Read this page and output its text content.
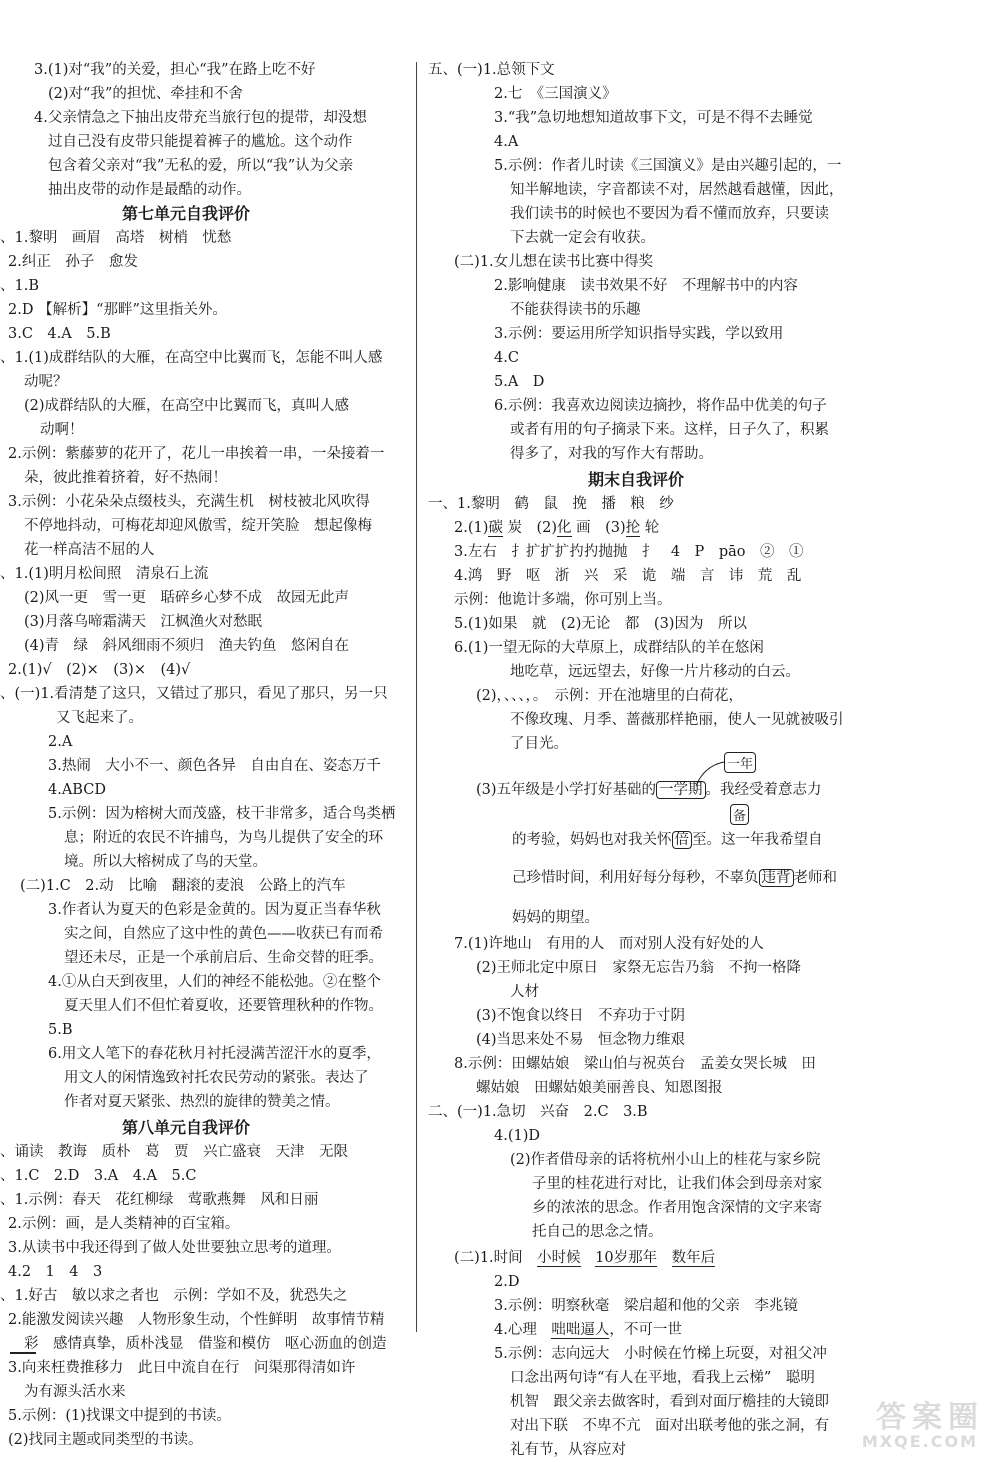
3.(1)对“我”的关爱，担心“我”在路上吃不好
(2)对“我”的担忧、牵挂和不舍
4.父亲情急之下抽出皮带充当旅行包的提带，却没想
过自己没有皮带只能提着裤子的尴尬。这个动作
包含着父亲对“我”无私的爱，所以“我”认为父亲
抽出皮带的动作是最酷的动作。
第七单元自我评价
、1.黎明　画眉　高塔　树梢　忧愁
2.纠正　孙子　愈发
、1.B
2.D 【解析】“那畔”这里指关外。
3.C　4.A　5.B
、1.(1)成群结队的大雁，在高空中比翼而飞，怎能不叫人感
动呢？
(2)成群结队的大雁，在高空中比翼而飞，真叫人感
动啊！
2.示例：紫藤萝的花开了，花儿一串挨着一串，一朵接着一
朵，彼此推着挤着，好不热闹！
3.示例：小花朵朵点缀枝头，充满生机　树枝被北风吹得
不停地抖动，可梅花却迎风傲雪，绽开笑脸　想起像梅
花一样高洁不屈的人
、1.(1)明月松间照　清泉石上流
(2)风一更　雪一更　聒碎乡心梦不成　故园无此声
(3)月落乌啼霜满天　江枫渔火对愁眠
(4)青　绿　斜风细雨不须归　渔夫钓鱼　悠闲自在
2.(1)√　(2)×　(3)×　(4)√
、(一)1.看清楚了这只，又错过了那只，看见了那只，另一只
又飞起来了。
2.A
3.热闹　大小不一、颜色各异　自由自在、姿态万千
4.ABCD
5.示例：因为榕树大而茂盛，枝干非常多，适合鸟类栖
息；附近的农民不许捕鸟，为鸟儿提供了安全的环
境。所以大榕树成了鸟的天堂。
(二)1.C　2.动　比喻　翻滚的麦浪　公路上的汽车
3.作者认为夏天的色彩是金黄的。因为夏正当春华秋
实之间，自然应了这中性的黄色——收获已有而希
望还未尽，正是一个承前启后、生命交替的旺季。
4.①从白天到夜里，人们的神经不能松弛。②在整个
夏天里人们不但忙着夏收，还要管理秋种的作物。
5.B
6.用文人笔下的春花秋月衬托浸满苦涩汗水的夏季，
用文人的闲情逸致衬托农民劳动的紧张。表达了
作者对夏天紧张、热烈的旋律的赞美之情。
第八单元自我评价
、诵读　教诲　质朴　葛　贾　兴亡盛衰　天津　无限
、1.C　2.D　3.A　4.A　5.C
、1.示例：春天　花红柳绿　莺歌燕舞　风和日丽
2.示例：画，是人类精神的百宝箱。
3.从读书中我还得到了做人处世要独立思考的道理。
4.2　1　4　3
、1.好古　敏以求之者也　示例：学如不及，犹恐失之
2.能激发阅读兴趣　人物形象生动，个性鲜明　故事情节精
彩　感情真挚，质朴浅显　借鉴和模仿　呕心沥血的创造
3.向来枉费推移力　此日中流自在行　问渠那得清如许
为有源头活水来
5.示例：(1)找课文中提到的书读。
(2)找同主题或同类型的书读。
五、(一)1.总领下文
2.七　《三国演义》
3.“我”急切地想知道故事下文，可是不得不去睡觉
4.A
5.示例：作者儿时读《三国演义》是由兴趣引起的，一
知半解地读，字音都读不对，居然越看越懂，因此，
我们读书的时候也不要因为看不懂而放弃，只要读
下去就一定会有收获。
(二)1.女儿想在读书比赛中得奖
2.影响健康　读书效果不好　不理解书中的内容
不能获得读书的乐趣
3.示例：要运用所学知识指导实践，学以致用
4.C
5.A　D
6.示例：我喜欢边阅读边摘抄，将作品中优美的句子
或者有用的句子摘录下来。这样，日子久了，积累
得多了，对我的写作大有帮助。
期末自我评价
一、1.黎明　鹤　鼠　挽　播　粮　纱
2.(1)碳 炭　(2)化 画　(3)抡 轮
3.左右　扌扩扩扩扚扚抛抛　扌　4　P　pāo　②　①
4.鸿　野　呕　浙　兴　采　诡　端　言　讳　荒　乱
示例：他诡计多端，你可别上当。
5.(1)如果　就　(2)无论　都　(3)因为　所以
6.(1)一望无际的大草原上，成群结队的羊在悠闲
地吃草，远远望去，好像一片片移动的白云。
(2)，、、、，。　示例：开在池塘里的白荷花，
不像玫瑰、月季、蔷薇那样艳丽，使人一见就被吸引
了目光。
一年
(3)五年级是小学打好基础的 一学期 。我经受着意志力
备
的考验，妈妈也对我关怀 倍 至。这一年我希望自
己珍惜时间，利用好每分每秒，不辜负 违背 老师和
妈妈的期望。
7.(1)许地山　有用的人　而对别人没有好处的人
(2)王师北定中原日　家祭无忘告乃翁　不拘一格降
人材
(3)不饱食以终日　不弃功于寸阴
(4)当思来处不易　恒念物力维艰
8.示例：田螺姑娘　梁山伯与祝英台　孟姜女哭长城　田
螺姑娘　田螺姑娘美丽善良、知恩图报
二、(一)1.急切　兴奋　2.C　3.B
4.(1)D
(2)作者借母亲的话将杭州小山上的桂花与家乡院
子里的桂花进行对比，让我们体会到母亲对家
乡的浓浓的思念。作者用饱含深情的文字来寄
托自己的思念之情。
(二)1.时间　 小时候　 10岁那年　 数年后
2.D
3.示例：明察秋毫　梁启超和他的父亲　李兆镜
4.心理　 咄咄逼人，不可一世
5.示例：志向远大　小时候在竹梯上玩耍，对祖父冲
口念出两句诗“有人在平地，看我上云梯”　聪明
机智　跟父亲去做客时，看到对面厅檐挂的大镜即
对出下联　不卑不亢　面对出联考他的张之洞，有
礼有节，从容应对
答案圈
MXQE.COM
